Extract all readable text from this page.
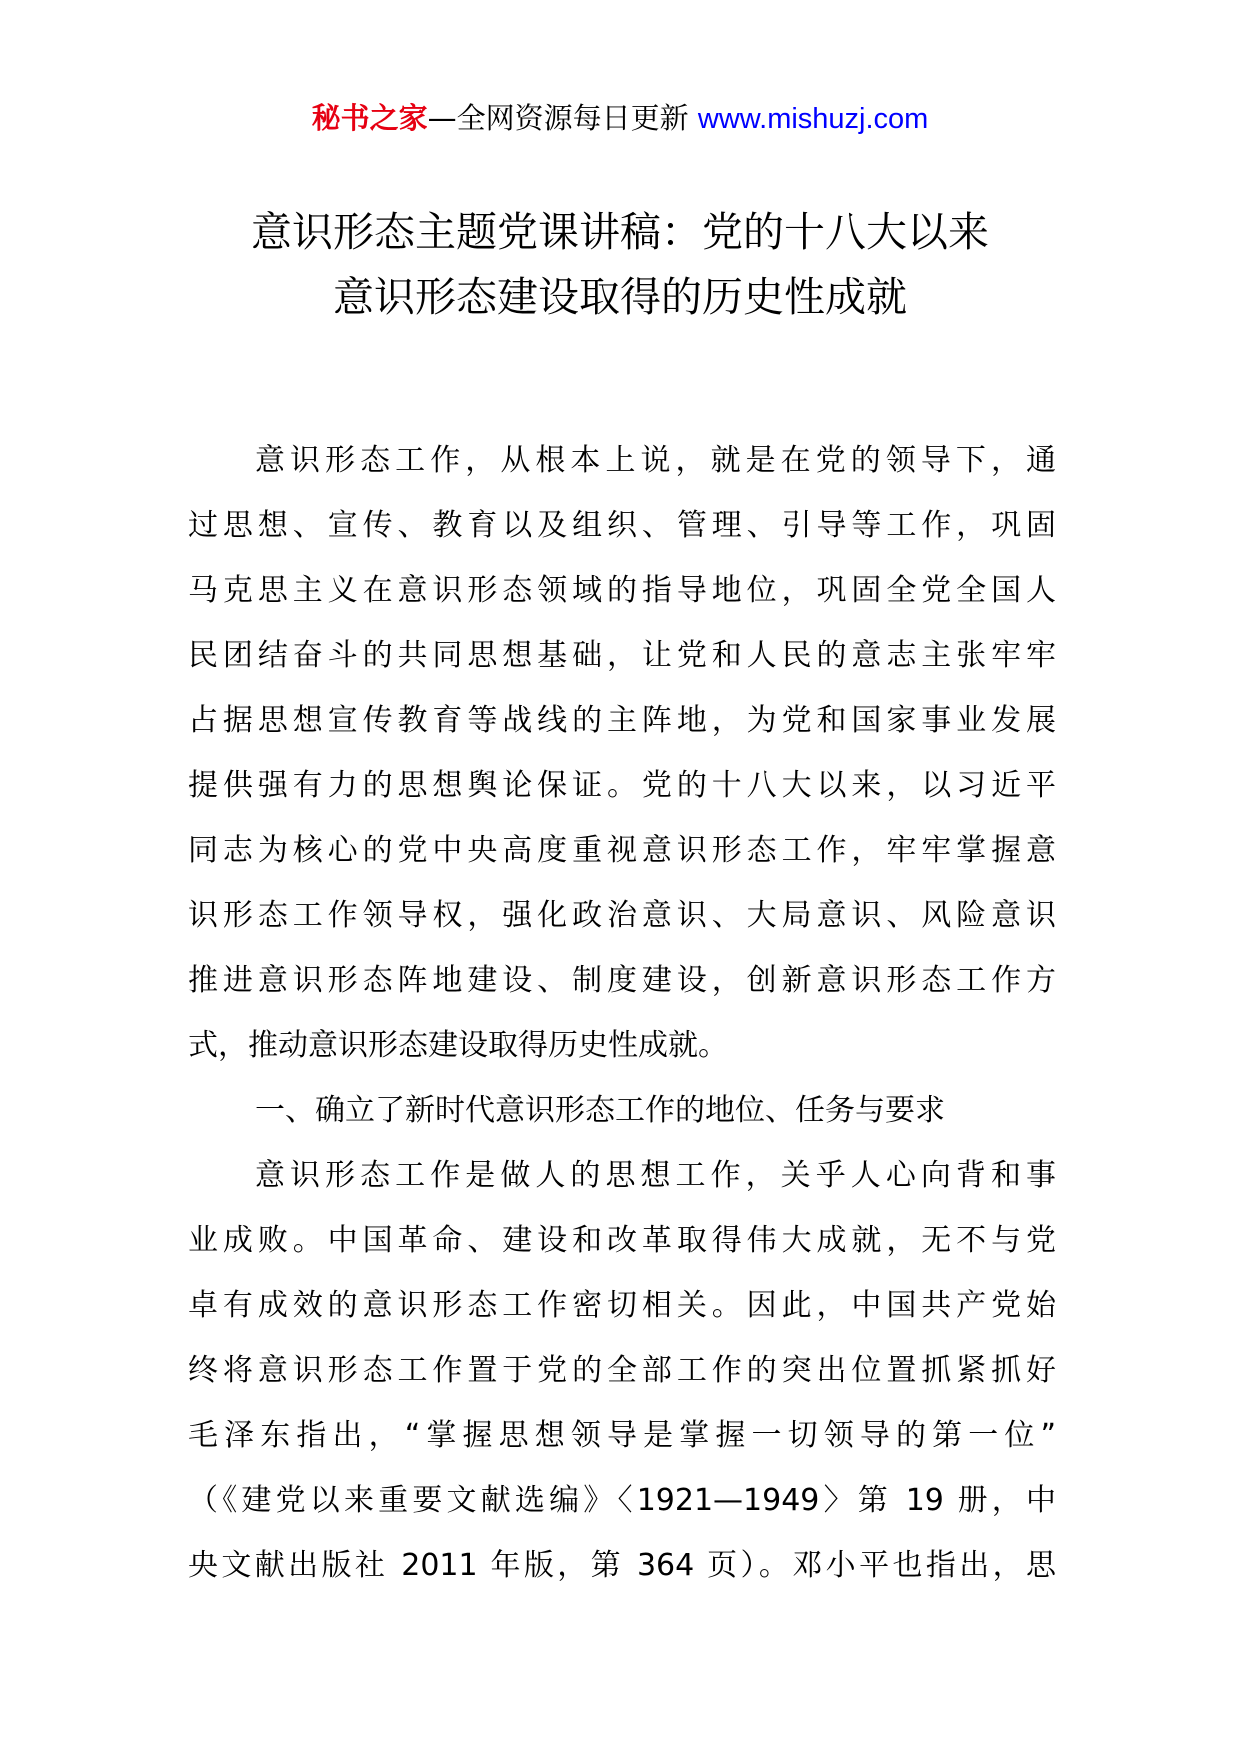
秘书之家—全网资源每日更新 www.mishuzj.com
意识形态主题党课讲稿：党的十八大以来
意识形态建设取得的历史性成就
意识形态工作，从根本上说，就是在党的领导下，通
过思想、宣传、教育以及组织、管理、引导等工作，巩固
马克思主义在意识形态领域的指导地位，巩固全党全国人
民团结奋斗的共同思想基础，让党和人民的意志主张牢牢
占据思想宣传教育等战线的主阵地，为党和国家事业发展
提供强有力的思想舆论保证。党的十八大以来，以习近平
同志为核心的党中央高度重视意识形态工作，牢牢掌握意
识形态工作领导权，强化政治意识、大局意识、风险意识
推进意识形态阵地建设、制度建设，创新意识形态工作方
式，推动意识形态建设取得历史性成就。
一、确立了新时代意识形态工作的地位、任务与要求
意识形态工作是做人的思想工作，关乎人心向背和事
业成败。中国革命、建设和改革取得伟大成就，无不与党
卓有成效的意识形态工作密切相关。因此，中国共产党始
终将意识形态工作置于党的全部工作的突出位置抓紧抓好
毛泽东指出，“掌握思想领导是掌握一切领导的第一位”
（《建党以来重要文献选编》〈1921—1949〉第 19 册，中
央文献出版社 2011 年版，第 364 页）。邓小平也指出，思
